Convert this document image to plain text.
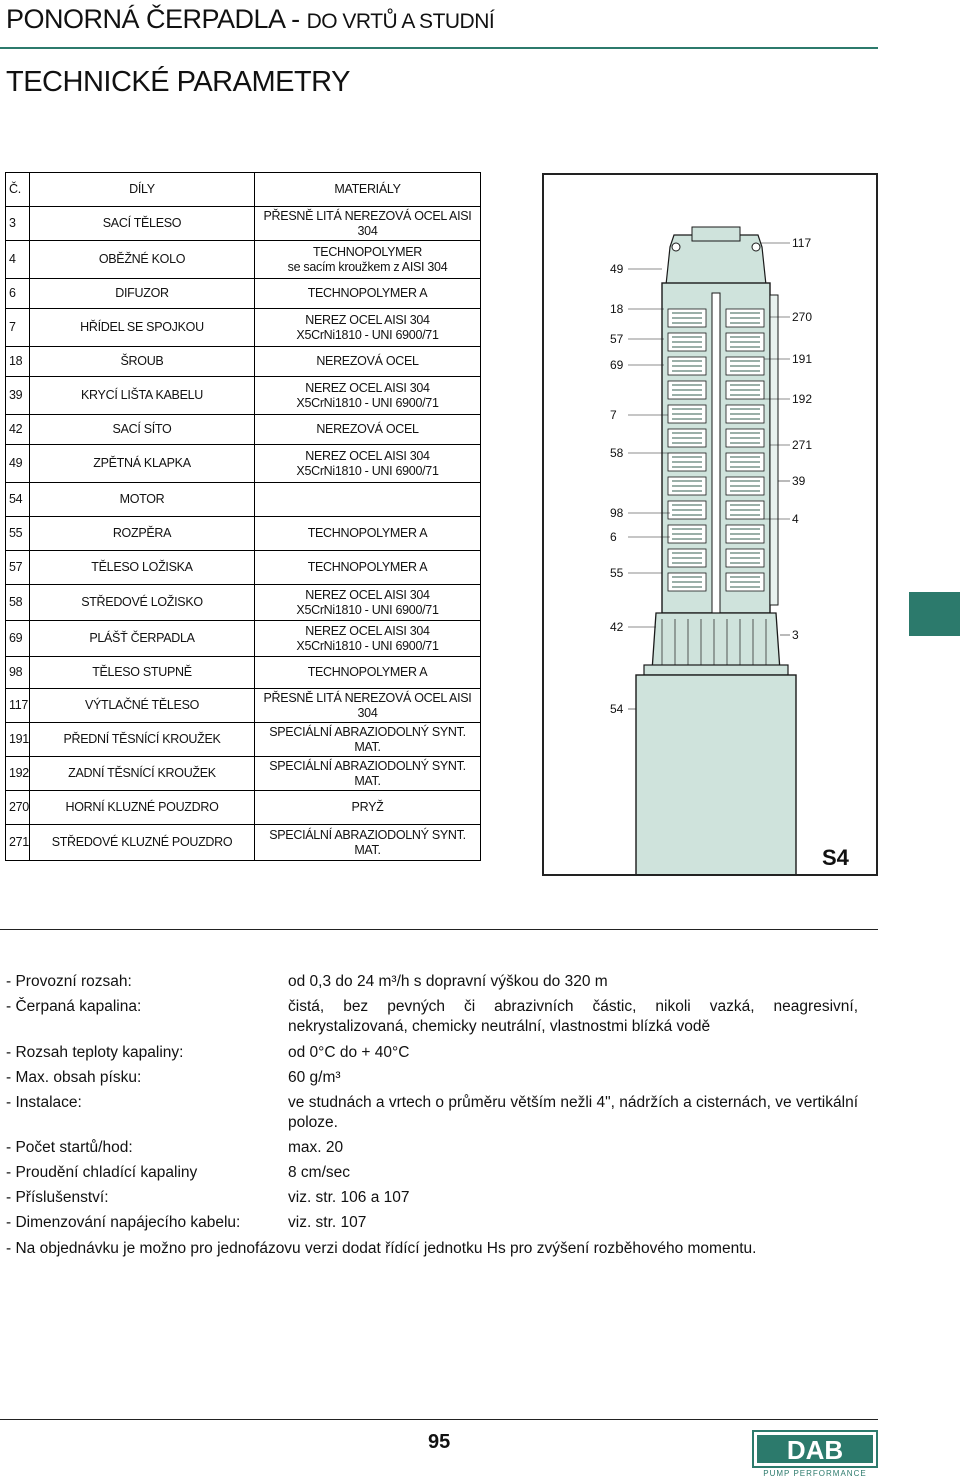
PONORNÁ ČERPADLA - DO VRTŮ A STUDNÍ
TECHNICKÉ PARAMETRY
Č.	DÍLY	MATERIÁLY
3	SACÍ TĚLESO	PŘESNĚ LITÁ NEREZOVÁ OCEL AISI 304

4	OBĚŽNÉ KOLO	TECHNOPOLYMER
se sacím kroužkem z AISI 304

6	DIFUZOR	TECHNOPOLYMER A

7	HŘÍDEL SE SPOJKOU	NEREZ OCEL AISI 304
X5CrNi1810 - UNI 6900/71

18	ŠROUB	NEREZOVÁ OCEL

39	KRYCÍ LIŠTA KABELU	NEREZ OCEL AISI 304
X5CrNi1810 - UNI 6900/71

42	SACÍ SÍTO	NEREZOVÁ OCEL

49	ZPĚTNÁ KLAPKA	NEREZ OCEL AISI 304
X5CrNi1810 - UNI 6900/71

54	MOTOR	

55	ROZPĚRA	TECHNOPOLYMER A

57	TĚLESO LOŽISKA	TECHNOPOLYMER A

58	STŘEDOVÉ LOŽISKO	NEREZ OCEL AISI 304
X5CrNi1810 - UNI 6900/71

69	PLÁŠŤ ČERPADLA	NEREZ OCEL AISI 304
X5CrNi1810 - UNI 6900/71

98	TĚLESO STUPNĚ	TECHNOPOLYMER A

117	VÝTLAČNÉ TĚLESO	PŘESNĚ LITÁ NEREZOVÁ OCEL AISI 304

191	PŘEDNÍ TĚSNÍCÍ KROUŽEK	SPECIÁLNÍ ABRAZIODOLNÝ SYNT. MAT.

192	ZADNÍ TĚSNÍCÍ KROUŽEK	SPECIÁLNÍ ABRAZIODOLNÝ SYNT. MAT.

270	HORNÍ KLUZNÉ POUZDRO	PRYŽ

271	STŘEDOVÉ KLUZNÉ POUZDRO	SPECIÁLNÍ ABRAZIODOLNÝ SYNT. MAT.
49
18
57
69
7
58
98
6
55
42
54
117
270
191
192
271
39
4
3
S4
- Provozní rozsah:	od 0,3 do 24 m³/h s dopravní výškou do 320 m
- Čerpaná kapalina:	čistá, bez pevných či abrazivních částic, nikoli vazká, neagresivní, nekrystalizovaná, chemicky neutrální, vlastnostmi blízká vodě
- Rozsah teploty kapaliny:	od 0°C do + 40°C
- Max. obsah písku:	60 g/m³
- Instalace:	ve studnách a vrtech o průměru větším nežli 4", nádržích a cisternách, ve vertikální poloze.
- Počet startů/hod:	max. 20
- Proudění chladící kapaliny	8 cm/sec
- Příslušenství:	viz. str. 106 a 107
- Dimenzování napájecího kabelu:	viz. str. 107
- Na objednávku je možno pro jednofázovu verzi dodat řídící jednotku Hs pro zvýšení rozběhového momentu.
95	DAB
PUMP PERFORMANCE
